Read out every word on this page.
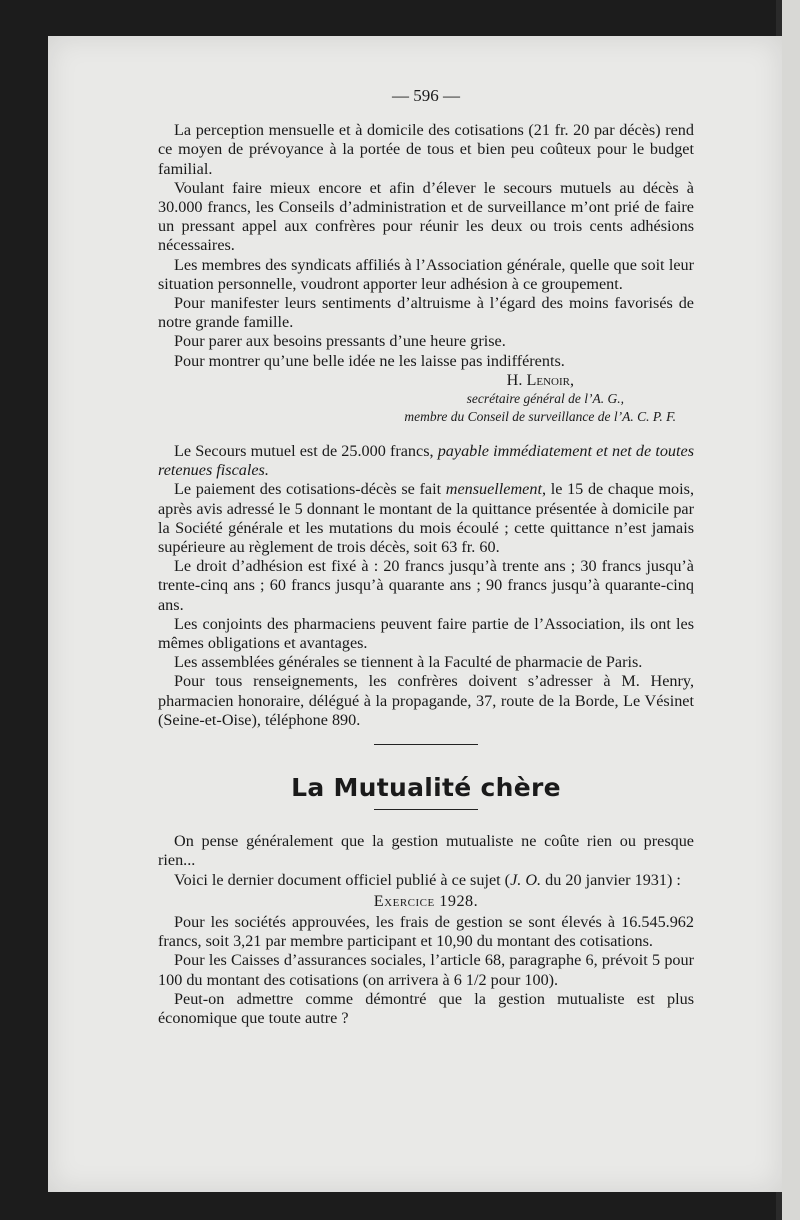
— 596 —

La perception mensuelle et à domicile des cotisations (21 fr. 20 par décès) rend ce moyen de prévoyance à la portée de tous et bien peu coûteux pour le budget familial.

Voulant faire mieux encore et afin d’élever le secours mutuels au décès à 30.000 francs, les Conseils d’administration et de surveillance m’ont prié de faire un pressant appel aux confrères pour réunir les deux ou trois cents adhésions nécessaires.

Les membres des syndicats affiliés à l’Association générale, quelle que soit leur situation personnelle, voudront apporter leur adhésion à ce groupement.

Pour manifester leurs sentiments d’altruisme à l’égard des moins favorisés de notre grande famille.

Pour parer aux besoins pressants d’une heure grise.

Pour montrer qu’une belle idée ne les laisse pas indifférents.

H. Lenoir,
secrétaire général de l’A. G.,
membre du Conseil de surveillance de l’A. C. P. F.

Le Secours mutuel est de 25.000 francs, payable immédiatement et net de toutes retenues fiscales.

Le paiement des cotisations-décès se fait mensuellement, le 15 de chaque mois, après avis adressé le 5 donnant le montant de la quittance présentée à domicile par la Société générale et les mutations du mois écoulé ; cette quittance n’est jamais supérieure au règlement de trois décès, soit 63 fr. 60.

Le droit d’adhésion est fixé à : 20 francs jusqu’à trente ans ; 30 francs jusqu’à trente-cinq ans ; 60 francs jusqu’à quarante ans ; 90 francs jusqu’à quarante-cinq ans.

Les conjoints des pharmaciens peuvent faire partie de l’Association, ils ont les mêmes obligations et avantages.

Les assemblées générales se tiennent à la Faculté de pharmacie de Paris.

Pour tous renseignements, les confrères doivent s’adresser à M. Henry, pharmacien honoraire, délégué à la propagande, 37, route de la Borde, Le Vésinet (Seine-et-Oise), téléphone 890.

La Mutualité chère

On pense généralement que la gestion mutualiste ne coûte rien ou presque rien...

Voici le dernier document officiel publié à ce sujet (J. O. du 20 janvier 1931) :

Exercice 1928.

Pour les sociétés approuvées, les frais de gestion se sont élevés à 16.545.962 francs, soit 3,21 par membre participant et 10,90 du montant des cotisations.

Pour les Caisses d’assurances sociales, l’article 68, paragraphe 6, prévoit 5 pour 100 du montant des cotisations (on arrivera à 6 1/2 pour 100).

Peut-on admettre comme démontré que la gestion mutualiste est plus économique que toute autre ?
